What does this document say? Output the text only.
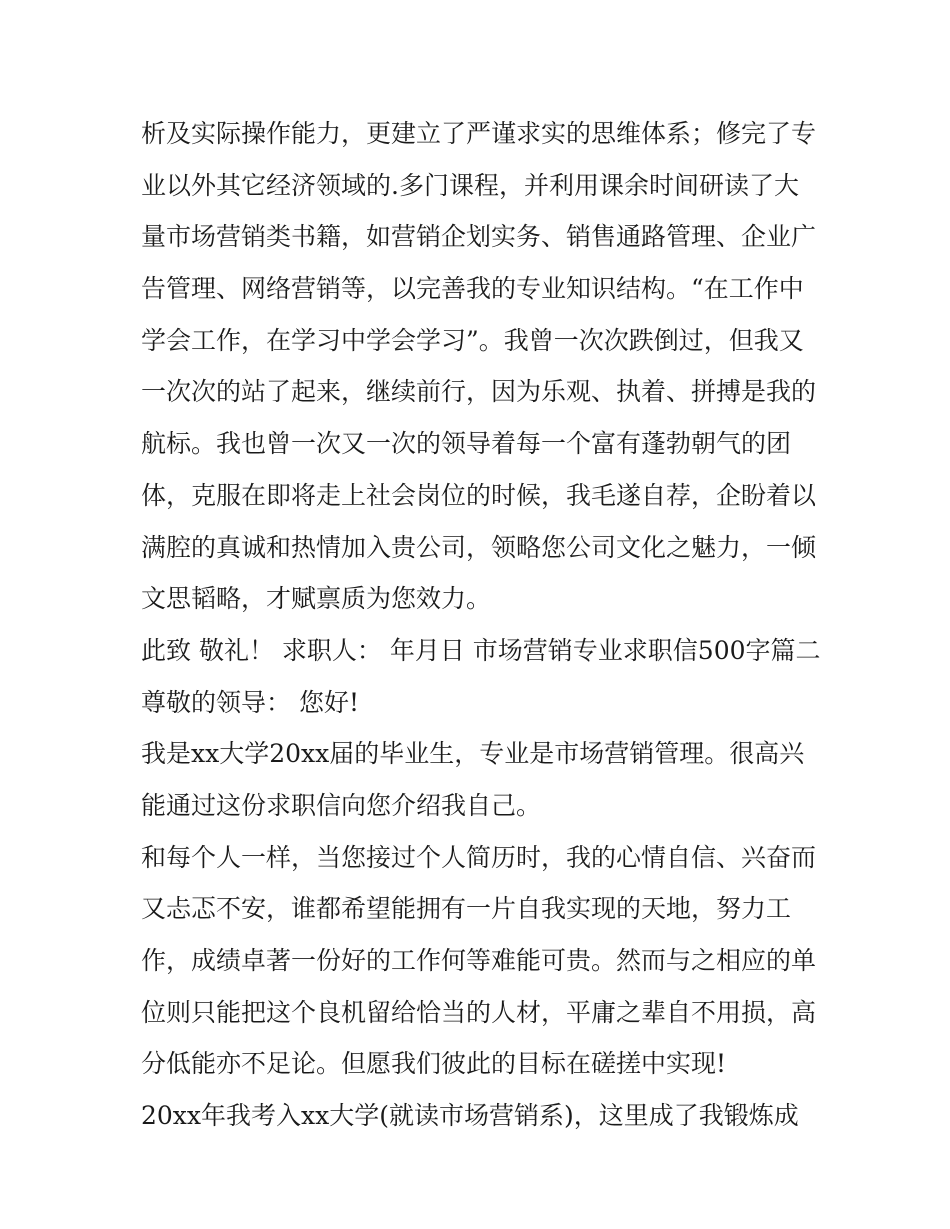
析及实际操作能力，更建立了严谨求实的思维体系；修完了专
业以外其它经济领域的.多门课程，并利用课余时间研读了大
量市场营销类书籍，如营销企划实务、销售通路管理、企业广
告管理、网络营销等，以完善我的专业知识结构。“在工作中
学会工作，在学习中学会学习”。我曾一次次跌倒过，但我又
一次次的站了起来，继续前行，因为乐观、执着、拼搏是我的
航标。我也曾一次又一次的领导着每一个富有蓬勃朝气的团
体，克服在即将走上社会岗位的时候，我毛遂自荐，企盼着以
满腔的真诚和热情加入贵公司，领略您公司文化之魅力，一倾
文思韬略，才赋禀质为您效力。
此致 敬礼！ 求职人： 年月日 市场营销专业求职信500字篇二
尊敬的领导： 您好!
我是xx大学20xx届的毕业生，专业是市场营销管理。很高兴
能通过这份求职信向您介绍我自己。
和每个人一样，当您接过个人简历时，我的心情自信、兴奋而
又忐忑不安，谁都希望能拥有一片自我实现的天地，努力工
作，成绩卓著一份好的工作何等难能可贵。然而与之相应的单
位则只能把这个良机留给恰当的人材，平庸之辈自不用损，高
分低能亦不足论。但愿我们彼此的目标在磋搓中实现!
20xx年我考入xx大学(就读市场营销系)，这里成了我锻炼成
